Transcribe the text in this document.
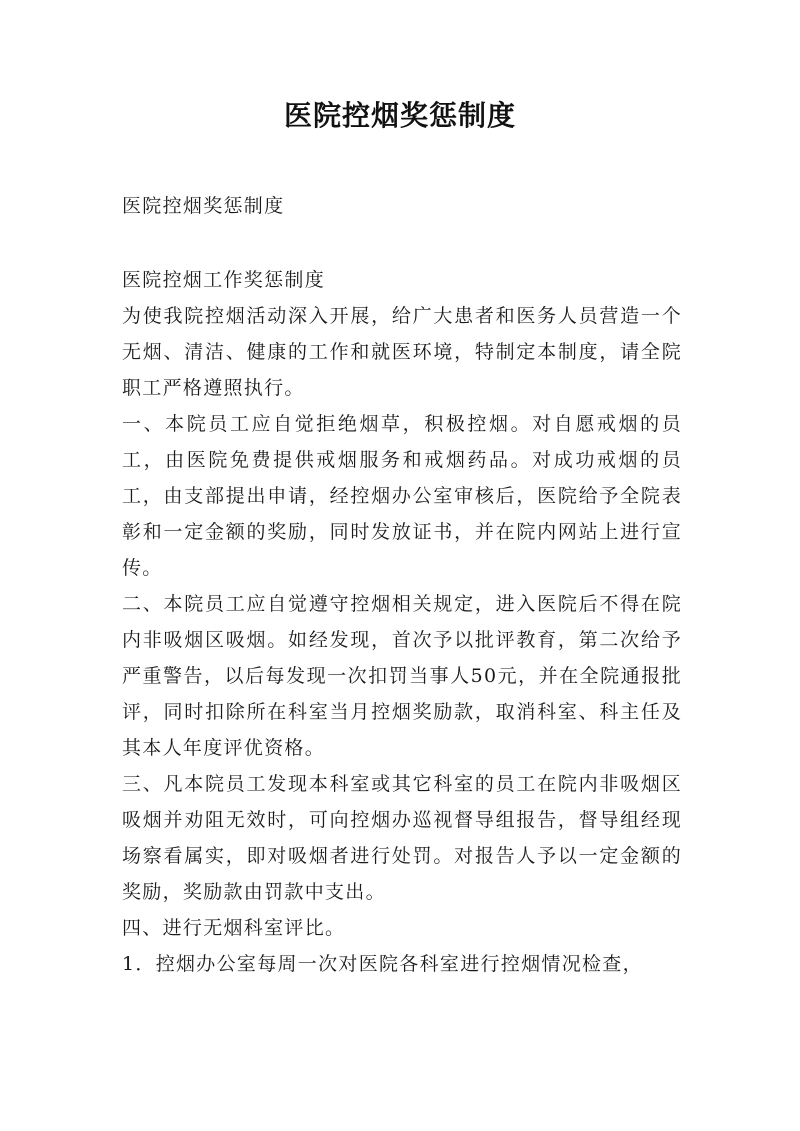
医院控烟奖惩制度
医院控烟奖惩制度

医院控烟工作奖惩制度

为使我院控烟活动深入开展，给广大患者和医务人员营造一个无烟、清洁、健康的工作和就医环境，特制定本制度，请全院职工严格遵照执行。

一、本院员工应自觉拒绝烟草，积极控烟。对自愿戒烟的员工，由医院免费提供戒烟服务和戒烟药品。对成功戒烟的员工，由支部提出申请，经控烟办公室审核后，医院给予全院表彰和一定金额的奖励，同时发放证书，并在院内网站上进行宣传。

二、本院员工应自觉遵守控烟相关规定，进入医院后不得在院内非吸烟区吸烟。如经发现，首次予以批评教育，第二次给予严重警告，以后每发现一次扣罚当事人50元，并在全院通报批评，同时扣除所在科室当月控烟奖励款，取消科室、科主任及其本人年度评优资格。

三、凡本院员工发现本科室或其它科室的员工在院内非吸烟区吸烟并劝阻无效时，可向控烟办巡视督导组报告，督导组经现场察看属实，即对吸烟者进行处罚。对报告人予以一定金额的奖励，奖励款由罚款中支出。

四、进行无烟科室评比。

1．控烟办公室每周一次对医院各科室进行控烟情况检查，
